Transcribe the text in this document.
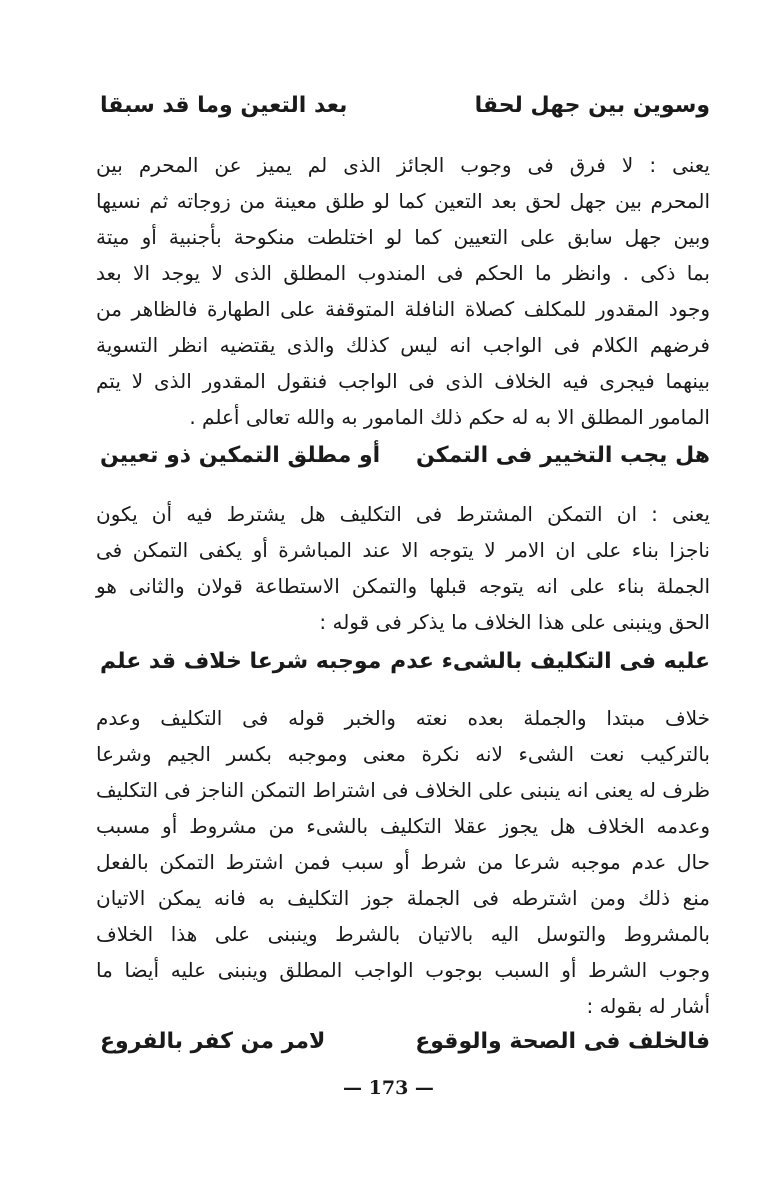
وسوين بين جهل لحقا
بعد التعين وما قد سبقا
يعنى : لا فرق فى وجوب الجائز الذى لم يميز عن المحرم بين
المحرم بين جهل لحق بعد التعين كما لو طلق معينة من زوجاته ثم نسيها
وبين جهل سابق على التعيين كما لو اختلطت منكوحة بأجنبية أو ميتة
بما ذكى . وانظر ما الحكم فى المندوب المطلق الذى لا يوجد الا بعد
وجود المقدور للمكلف كصلاة النافلة المتوقفة على الطهارة فالظاهر من
فرضهم الكلام فى الواجب انه ليس كذلك والذى يقتضيه انظر التسوية
بينهما فيجرى فيه الخلاف الذى فى الواجب فنقول المقدور الذى لا يتم
المامور المطلق الا به له حكم ذلك المامور به والله تعالى أعلم .
هل يجب التخيير فى التمكن
أو مطلق التمكين ذو تعيين
يعنى : ان التمكن المشترط فى التكليف هل يشترط فيه أن يكون
ناجزا بناء على ان الامر لا يتوجه الا عند المباشرة أو يكفى التمكن فى
الجملة بناء على انه يتوجه قبلها والتمكن الاستطاعة قولان والثانى هو
الحق وينبنى على هذا الخلاف ما يذكر فى قوله :
عليه فى التكليف بالشىء عدم
موجبه شرعا خلاف قد علم
خلاف مبتدا والجملة بعده نعته والخبر قوله فى التكليف وعدم
بالتركيب نعت الشىء لانه نكرة معنى وموجبه بكسر الجيم وشرعا
ظرف له يعنى انه ينبنى على الخلاف فى اشتراط التمكن الناجز فى التكليف
وعدمه الخلاف هل يجوز عقلا التكليف بالشىء من مشروط أو مسبب
حال عدم موجبه شرعا من شرط أو سبب فمن اشترط التمكن بالفعل
منع ذلك ومن اشترطه فى الجملة جوز التكليف به فانه يمكن الاتيان
بالمشروط والتوسل اليه بالاتيان بالشرط وينبنى على هذا الخلاف
وجوب الشرط أو السبب بوجوب الواجب المطلق وينبنى عليه أيضا ما
أشار له بقوله :
فالخلف فى الصحة والوقوع
لامر من كفر بالفروع
— 173 —
